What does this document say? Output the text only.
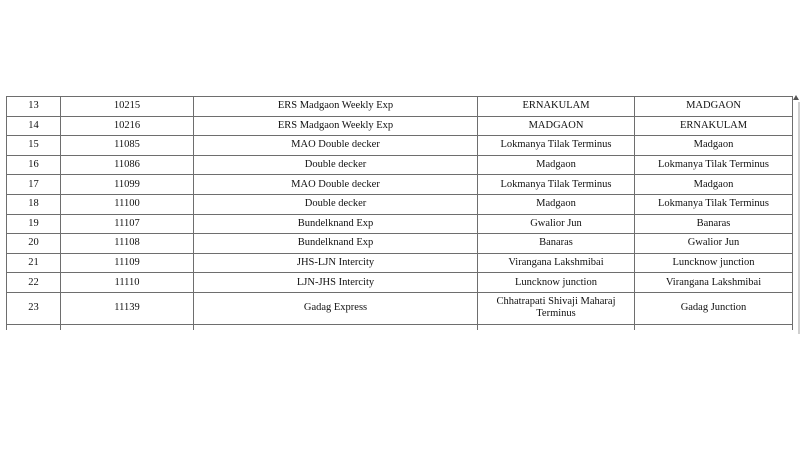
13	10215	ERS Madgaon Weekly Exp	ERNAKULAM	MADGAON
14	10216	ERS Madgaon Weekly Exp	MADGAON	ERNAKULAM
15	11085	MAO Double decker	Lokmanya Tilak Terminus	Madgaon
16	11086	Double decker	Madgaon	Lokmanya Tilak Terminus
17	11099	MAO Double decker	Lokmanya Tilak Terminus	Madgaon
18	11100	Double decker	Madgaon	Lokmanya Tilak Terminus
19	11107	Bundelknand Exp	Gwalior Jun	Banaras
20	11108	Bundelknand Exp	Banaras	Gwalior Jun
21	11109	JHS-LJN Intercity	Virangana Lakshmibai	Luncknow junction
22	11110	LJN-JHS Intercity	Luncknow junction	Virangana Lakshmibai
23	11139	Gadag Express	Chhatrapati Shivaji Maharaj Terminus	Gadag Junction
